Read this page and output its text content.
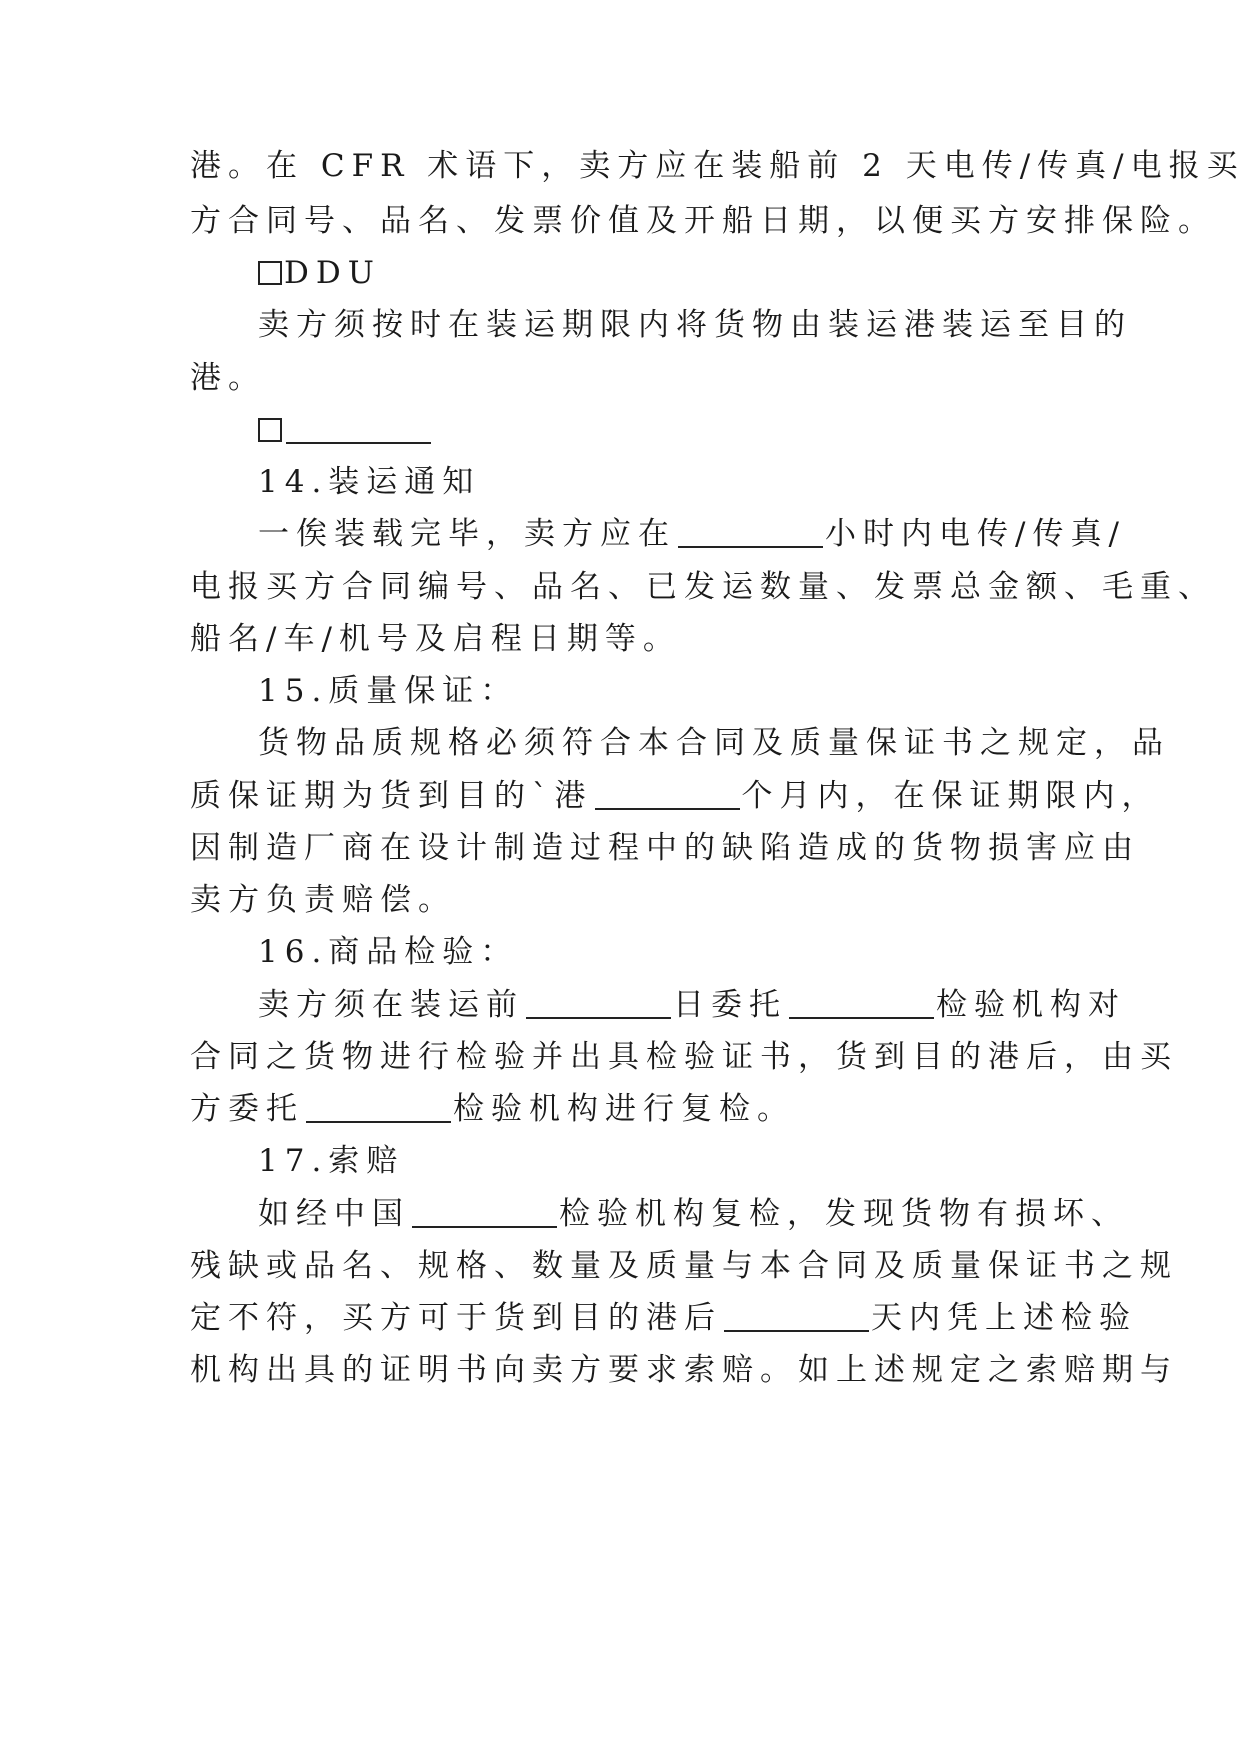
港。在 CFR 术语下，卖方应在装船前 2 天电传/传真/电报买
方合同号、品名、发票价值及开船日期，以便买方安排保险。
DDU
卖方须按时在装运期限内将货物由装运港装运至目的
港。
14.装运通知
一俟装载完毕，卖方应在	小时内电传/传真/
电报买方合同编号、品名、已发运数量、发票总金额、毛重、
船名/车/机号及启程日期等。
15.质量保证：
货物品质规格必须符合本合同及质量保证书之规定，品
质保证期为货到目的`港	个月内，在保证期限内，
因制造厂商在设计制造过程中的缺陷造成的货物损害应由
卖方负责赔偿。
16.商品检验：
卖方须在装运前	日委托	检验机构对
合同之货物进行检验并出具检验证书，货到目的港后，由买
方委托	检验机构进行复检。
17.索赔
如经中国	检验机构复检，发现货物有损坏、
残缺或品名、规格、数量及质量与本合同及质量保证书之规
定不符，买方可于货到目的港后	天内凭上述检验
机构出具的证明书向卖方要求索赔。如上述规定之索赔期与
